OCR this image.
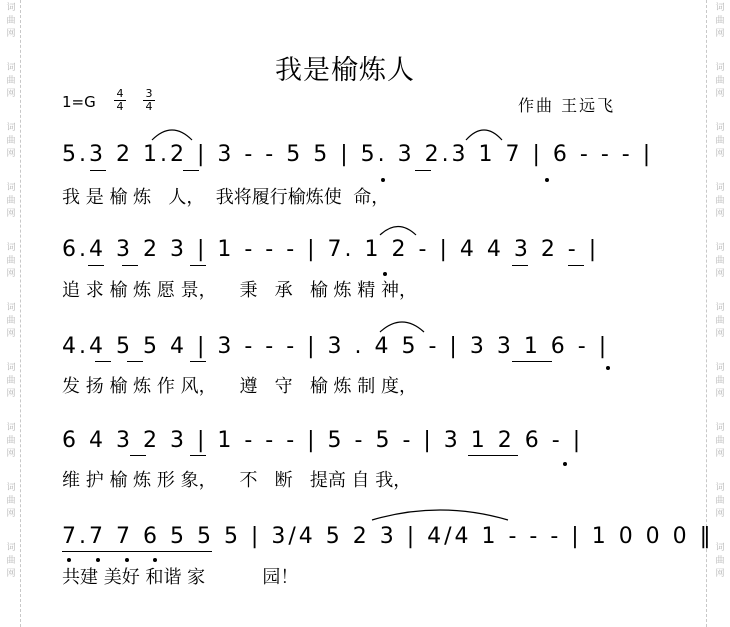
词
曲
网
词
曲
网
词
曲
网
词
曲
网
词
曲
网
词
曲
网
词
曲
网
词
曲
网
词
曲
网
词
曲
网
词
曲
网
词
曲
网
词
曲
网
词
曲
网
词
曲
网
词
曲
网
词
曲
网
词
曲
网
词
曲
网
词
曲
网
我是榆炼人
1=G 4
4
3
4	作曲 王远飞
5.3 2 1.2 | 3 - - 5 5 | 5. 3 2.3 1 7 | 6 - - - |
我 是 榆 炼   人，  我将履行榆炼使  命，
6.4 3 2 3 | 1 - - - | 7. 1 2 - | 4 4 3 2 - |
追 求 榆 炼 愿 景，    秉   承   榆 炼 精 神，
4.4 5 5 4 | 3 - - - | 3 . 4 5 - | 3 3 1 6 - |
发 扬 榆 炼 作 风，    遵   守   榆 炼 制 度，
6 4 3 2 3 | 1 - - - | 5 - 5 - | 3 1 2 6 - |
维 护 榆 炼 形 象，    不   断   提高 自 我，
7.7 7 6 5 5 5 | 3/4 5 2 3 | 4/4 1 - - - | 1 0 0 0 ‖
共建 美好 和谐 家          园！
